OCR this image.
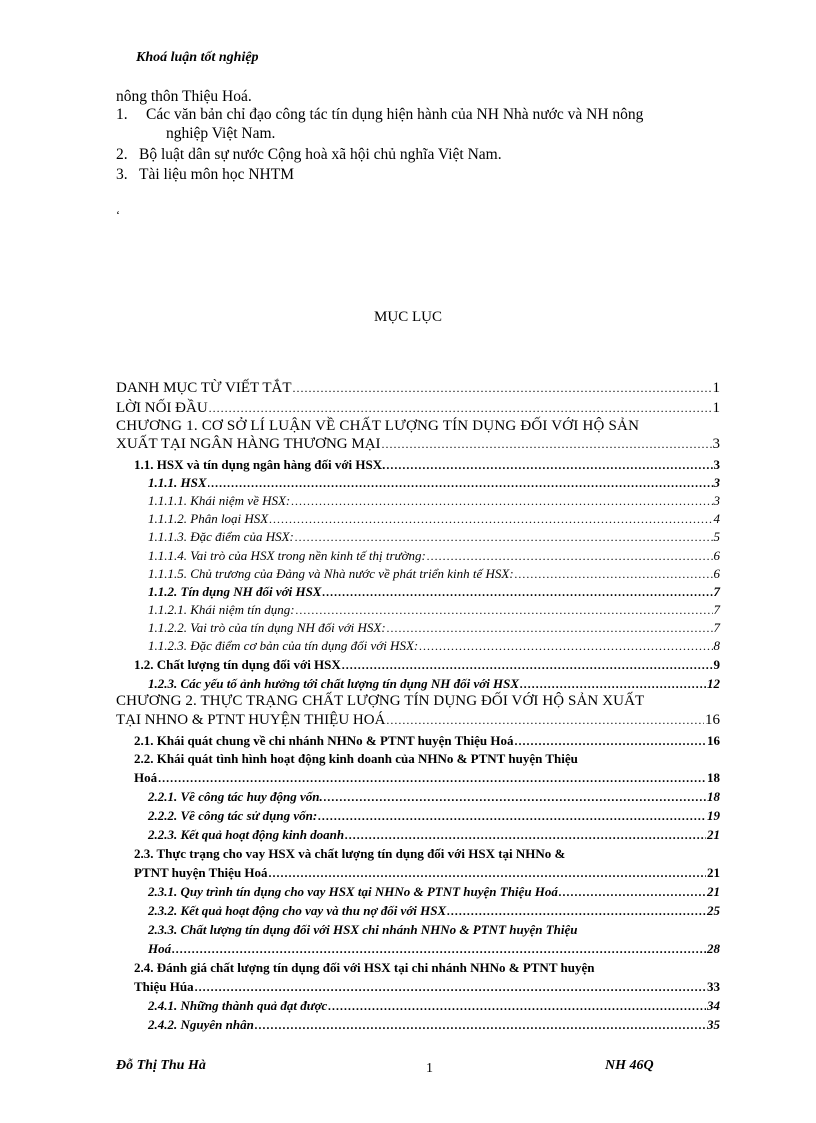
Khoá luận tốt nghiệp
nông thôn Thiệu Hoá.
1. Các văn bản chỉ đạo công tác tín dụng hiện hành của NH Nhà nước và NH nông
nghiệp Việt Nam.
2. Bộ luật dân sự nước Cộng hoà xã hội chủ nghĩa Việt Nam.
3. Tài liệu môn học NHTM
‘
MỤC LỤC
DANH MỤC TỪ VIẾT TẮT .....	1
LỜI NỐI ĐẦU .....	1
CHƯƠNG 1. CƠ SỞ LÍ LUẬN VỀ CHẤT LƯỢNG TÍN DỤNG ĐỐI VỚI HỘ SẢN
XUẤT TẠI NGÂN HÀNG THƯƠNG MẠI .....	3
1.1. HSX và tín dụng ngân hàng đối với HSX. .....	3
1.1.1. HSX .....	3
1.1.1.1. Khái niệm về HSX: .....	3
1.1.1.2. Phân loại HSX .....	4
1.1.1.3. Đặc điểm của HSX: .....	5
1.1.1.4. Vai trò của HSX trong nền kinh tế thị trường: .....	6
1.1.1.5. Chủ trương của Đảng và Nhà nước về phát triển kinh tế HSX: .....	6
1.1.2. Tín dụng NH đối với HSX .....	7
1.1.2.1. Khái niệm tín dụng: .....	7
1.1.2.2. Vai trò của tín dụng NH đối với HSX: .....	7
1.1.2.3. Đặc điểm cơ bản của tín dụng đối với HSX: .....	8
1.2. Chất lượng tín dụng đối với HSX .....	9
1.2.3. Các yếu tố ảnh hưởng tới chất lượng tín dụng NH đối với HSX .....	12
CHƯƠNG 2. THỰC TRẠNG CHẤT LƯỢNG TÍN DỤNG ĐỐI VỚI HỘ SẢN XUẤT
TẠI NHNO & PTNT HUYỆN THIỆU HOÁ .....	16
2.1. Khái quát chung về chi nhánh NHNo & PTNT huyện Thiệu Hoá .....	16
2.2. Khái quát tình hình hoạt động kinh doanh của NHNo & PTNT huyện Thiệu
Hoá .....	18
2.2.1. Về công tác huy động vốn. .....	18
2.2.2. Về công tác sử dụng vốn: .....	19
2.2.3. Kết quả hoạt động kinh doanh .....	21
2.3. Thực trạng cho vay HSX và chất lượng tín dụng đối với HSX tại NHNo &
PTNT huyện Thiệu Hoá .....	21
2.3.1. Quy trình tín dụng cho vay HSX tại NHNo & PTNT huyện Thiệu Hoá .....	21
2.3.2. Kết quả hoạt động cho vay và thu nợ đối với HSX .....	25
2.3.3. Chất lượng tín dụng đối với HSX chi nhánh NHNo & PTNT huyện Thiệu
Hoá .....	28
2.4. Đánh giá chất lượng tín dụng đối với HSX tại chi nhánh NHNo & PTNT huyện
Thiệu Húa .....	33
2.4.1. Những thành quả đạt được .....	34
2.4.2. Nguyên nhân .....	35
Đỗ Thị Thu Hà	1	NH 46Q
